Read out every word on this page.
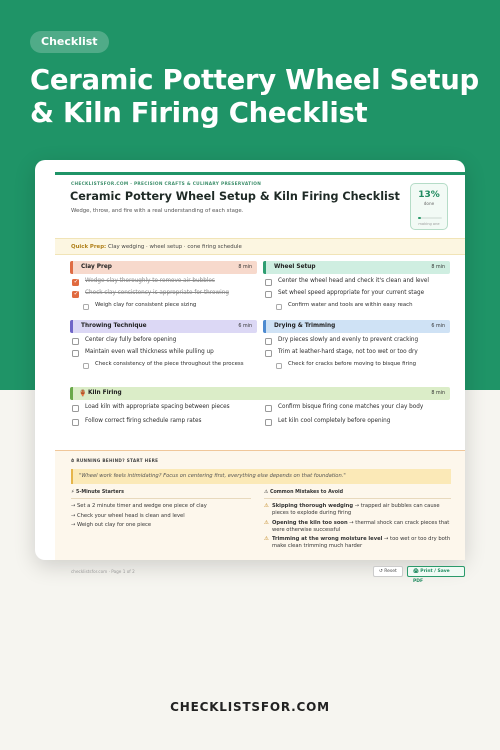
Checklist
Ceramic Pottery Wheel Setup & Kiln Firing Checklist
CHECKLISTSFOR.COM · PRECISION CRAFTS & CULINARY PRESERVATION
Ceramic Pottery Wheel Setup & Kiln Firing Checklist
Wedge, throw, and fire with a real understanding of each stage.
13%
done
making one
Quick Prep: Clay wedging · wheel setup · cone firing schedule
Clay Prep	8 min
✓
Wedge clay thoroughly to remove air bubbles
✓
Check clay consistency is appropriate for throwing
Weigh clay for consistent piece sizing
Wheel Setup	8 min
Center the wheel head and check it's clean and level
Set wheel speed appropriate for your current stage
Confirm water and tools are within easy reach
Throwing Technique	6 min
Center clay fully before opening
Maintain even wall thickness while pulling up
Check consistency of the piece throughout the process
Drying & Trimming	6 min
Dry pieces slowly and evenly to prevent cracking
Trim at leather-hard stage, not too wet or too dry
Check for cracks before moving to bisque firing
🏺 Kiln Firing	8 min
Load kiln with appropriate spacing between pieces
Follow correct firing schedule ramp rates
Confirm bisque firing cone matches your clay body
Let kiln cool completely before opening
⏱ RUNNING BEHIND? START HERE
"Wheel work feels intimidating? Focus on centering first, everything else depends on that foundation."
⚡ 5-Minute Starters
→ Set a 2 minute timer and wedge one piece of clay
→ Check your wheel head is clean and level
→ Weigh out clay for one piece
⚠ Common Mistakes to Avoid
⚠ Skipping thorough wedging → trapped air bubbles can cause pieces to explode during firing
⚠ Opening the kiln too soon → thermal shock can crack pieces that were otherwise successful
⚠ Trimming at the wrong moisture level → too wet or too dry both make clean trimming much harder
checklistsfor.com · Page 1 of 2	↺ Reset	🖨 Print / Save PDF
CHECKLISTSFOR.COM
